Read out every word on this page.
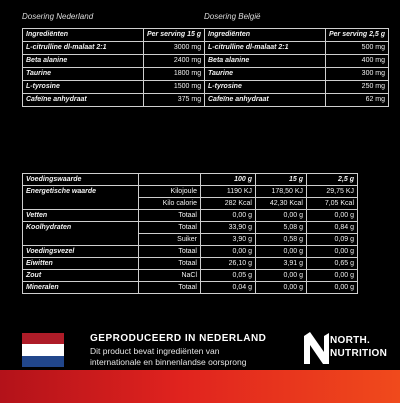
Dosering Nederland
Ingrediënten	Per serving 15 g
L-citrulline dl-malaat 2:1	3000 mg
Beta alanine	2400 mg
Taurine	1800 mg
L-tyrosine	1500 mg
Cafeïne anhydraat	375 mg
Dosering België
Ingrediënten	Per serving 2,5 g
L-citrulline dl-malaat 2:1	500 mg
Beta alanine	400 mg
Taurine	300 mg
L-tyrosine	250 mg
Cafeïne anhydraat	62 mg
Voedingswaarde		100 g	15 g	2,5 g
Energetische waarde	Kilojoule	1190 KJ	178,50 KJ	29,75 KJ
	Kilo calorie	282 Kcal	42,30 Kcal	7,05 Kcal
Vetten	Totaal	0,00 g	0,00 g	0,00 g
Koolhydraten	Totaal	33,90 g	5,08 g	0,84 g
	Suiker	3,90 g	0,58 g	0,09 g
Voedingsvezel	Totaal	0,00 g	0,00 g	0,00 g
Eiwitten	Totaal	26,10 g	3,91 g	0,65 g
Zout	NaCl	0,05 g	0,00 g	0,00 g
Mineralen	Totaal	0,04 g	0,00 g	0,00 g
GEPRODUCEERD IN NEDERLAND
Dit product bevat ingrediënten van
internationale en binnenlandse oorsprong
NORTH.
NUTRITION
